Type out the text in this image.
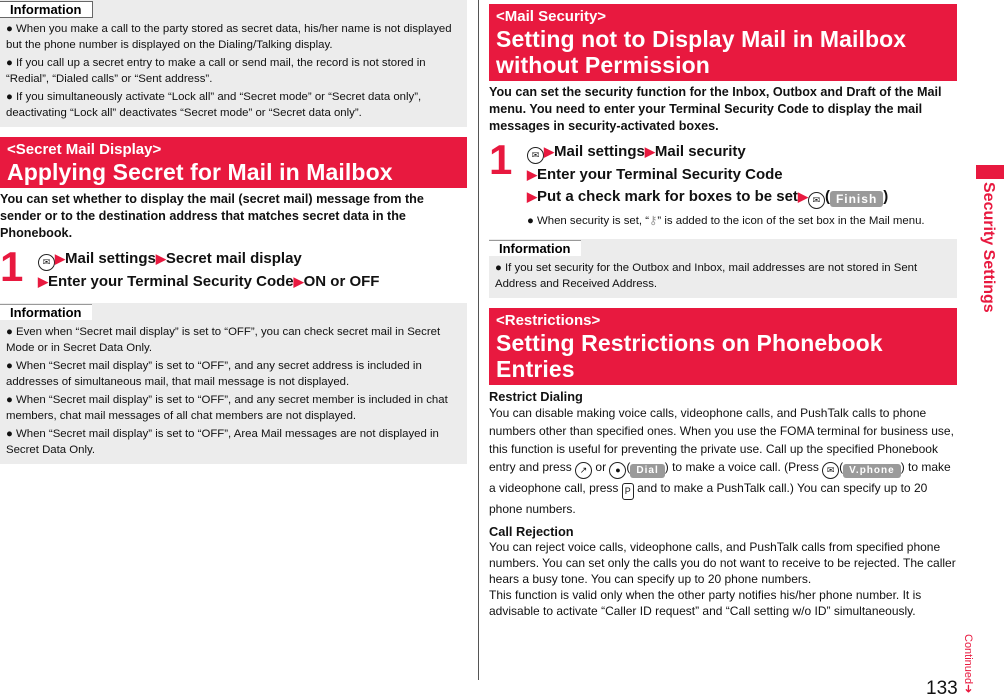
Information
● When you make a call to the party stored as secret data, his/her name is not displayed but the phone number is displayed on the Dialing/Talking display.
● If you call up a secret entry to make a call or send mail, the record is not stored in “Redial”, “Dialed calls” or “Sent address”.
● If you simultaneously activate “Lock all” and “Secret mode” or “Secret data only”, deactivating “Lock all” deactivates “Secret mode” or “Secret data only”.
<Secret Mail Display>
Applying Secret for Mail in Mailbox
You can set whether to display the mail (secret mail) message from the sender or to the destination address that matches secret data in the Phonebook.
1	✉ ▶Mail settings▶Secret mail display
▶Enter your Terminal Security Code▶ON or OFF
Information
● Even when “Secret mail display” is set to “OFF”, you can check secret mail in Secret Mode or in Secret Data Only.
● When “Secret mail display” is set to “OFF”, and any secret address is included in addresses of simultaneous mail, that mail message is not displayed.
● When “Secret mail display” is set to “OFF”, and any secret member is included in chat members, chat mail messages of all chat members are not displayed.
● When “Secret mail display” is set to “OFF”, Area Mail messages are not displayed in Secret Data Only.
<Mail Security>
Setting not to Display Mail in Mailbox without Permission
You can set the security function for the Inbox, Outbox and Draft of the Mail menu. You need to enter your Terminal Security Code to display the mail messages in security-activated boxes.
1	✉ ▶Mail settings▶Mail security
▶Enter your Terminal Security Code
▶Put a check mark for boxes to be set▶ ✉ ( Finish )
● When security is set, “⚷” is added to the icon of the set box in the Mail menu.
Information
● If you set security for the Outbox and Inbox, mail addresses are not stored in Sent Address and Received Address.
<Restrictions>
Setting Restrictions on Phonebook Entries
Restrict Dialing
You can disable making voice calls, videophone calls, and PushTalk calls to phone numbers other than specified ones. When you use the FOMA terminal for business use, this function is useful for preventing the private use. Call up the specified Phonebook entry and press ↗ or ● ( Dial ) to make a voice call. (Press ✉ ( V.phone ) to make a videophone call, press P and to make a PushTalk call.) You can specify up to 20 phone numbers.
Call Rejection
You can reject voice calls, videophone calls, and PushTalk calls from specified phone numbers. You can set only the calls you do not want to receive to be rejected. The caller hears a busy tone. You can specify up to 20 phone numbers.
This function is valid only when the other party notifies his/her phone number. It is advisable to activate “Caller ID request” and “Call setting w/o ID” simultaneously.
Security Settings
Continued➜
133
